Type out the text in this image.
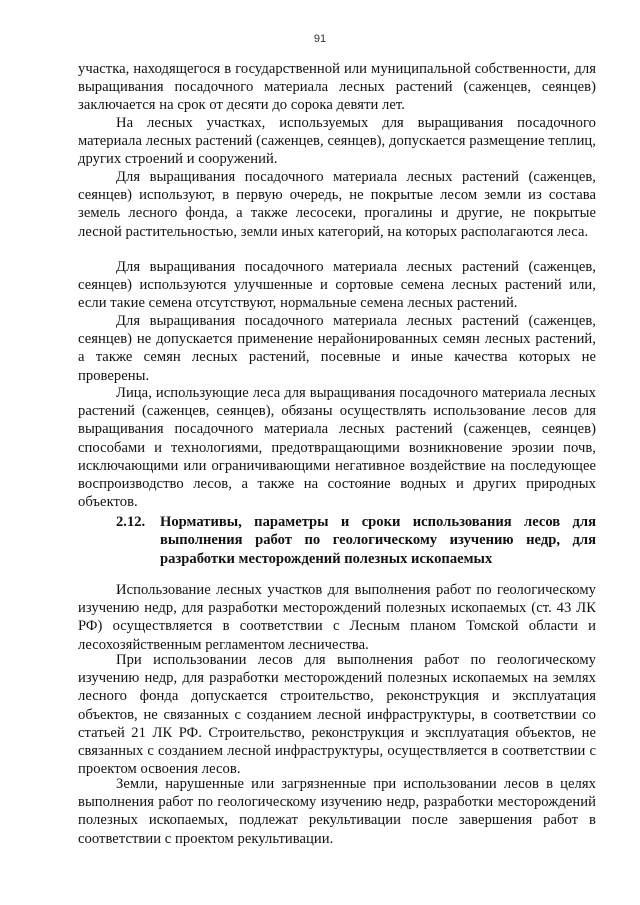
91

участка, находящегося в государственной или муниципальной собственности, для выращивания посадочного материала лесных растений (саженцев, сеянцев) заключается на срок от десяти до сорока девяти лет.

На лесных участках, используемых для выращивания посадочного материала лесных растений (саженцев, сеянцев), допускается размещение теплиц, других строений и сооружений.

Для выращивания посадочного материала лесных растений (саженцев, сеянцев) используют, в первую очередь, не покрытые лесом земли из состава земель лесного фонда, а также лесосеки, прогалины и другие, не покрытые лесной растительностью, земли иных категорий, на которых располагаются леса.

Для выращивания посадочного материала лесных растений (саженцев, сеянцев) используются улучшенные и сортовые семена лесных растений или, если такие семена отсутствуют, нормальные семена лесных растений.

Для выращивания посадочного материала лесных растений (саженцев, сеянцев) не допускается применение нерайонированных семян лесных растений, а также семян лесных растений, посевные и иные качества которых не проверены.

Лица, использующие леса для выращивания посадочного материала лесных растений (саженцев, сеянцев), обязаны осуществлять использование лесов для выращивания посадочного материала лесных растений (саженцев, сеянцев) способами и технологиями, предотвращающими возникновение эрозии почв, исключающими или ограничивающими негативное воздействие на последующее воспроизводство лесов, а также на состояние водных и других природных объектов.

2.12.	Нормативы, параметры и сроки использования лесов для
выполнения работ по геологическому изучению недр, для
разработки месторождений полезных ископаемых

Использование лесных участков для выполнения работ по геологическому изучению недр, для разработки месторождений полезных ископаемых (ст. 43 ЛК РФ) осуществляется в соответствии с Лесным планом Томской области и лесохозяйственным регламентом лесничества.

При использовании лесов для выполнения работ по геологическому изучению недр, для разработки месторождений полезных ископаемых на землях лесного фонда допускается строительство, реконструкция и эксплуатация объектов, не связанных с созданием лесной инфраструктуры, в соответствии со статьей 21 ЛК РФ. Строительство, реконструкция и эксплуатация объектов, не связанных с созданием лесной инфраструктуры, осуществляется в соответствии с проектом освоения лесов.

Земли, нарушенные или загрязненные при использовании лесов в целях выполнения работ по геологическому изучению недр, разработки месторождений полезных ископаемых, подлежат рекультивации после завершения работ в соответствии с проектом рекультивации.
